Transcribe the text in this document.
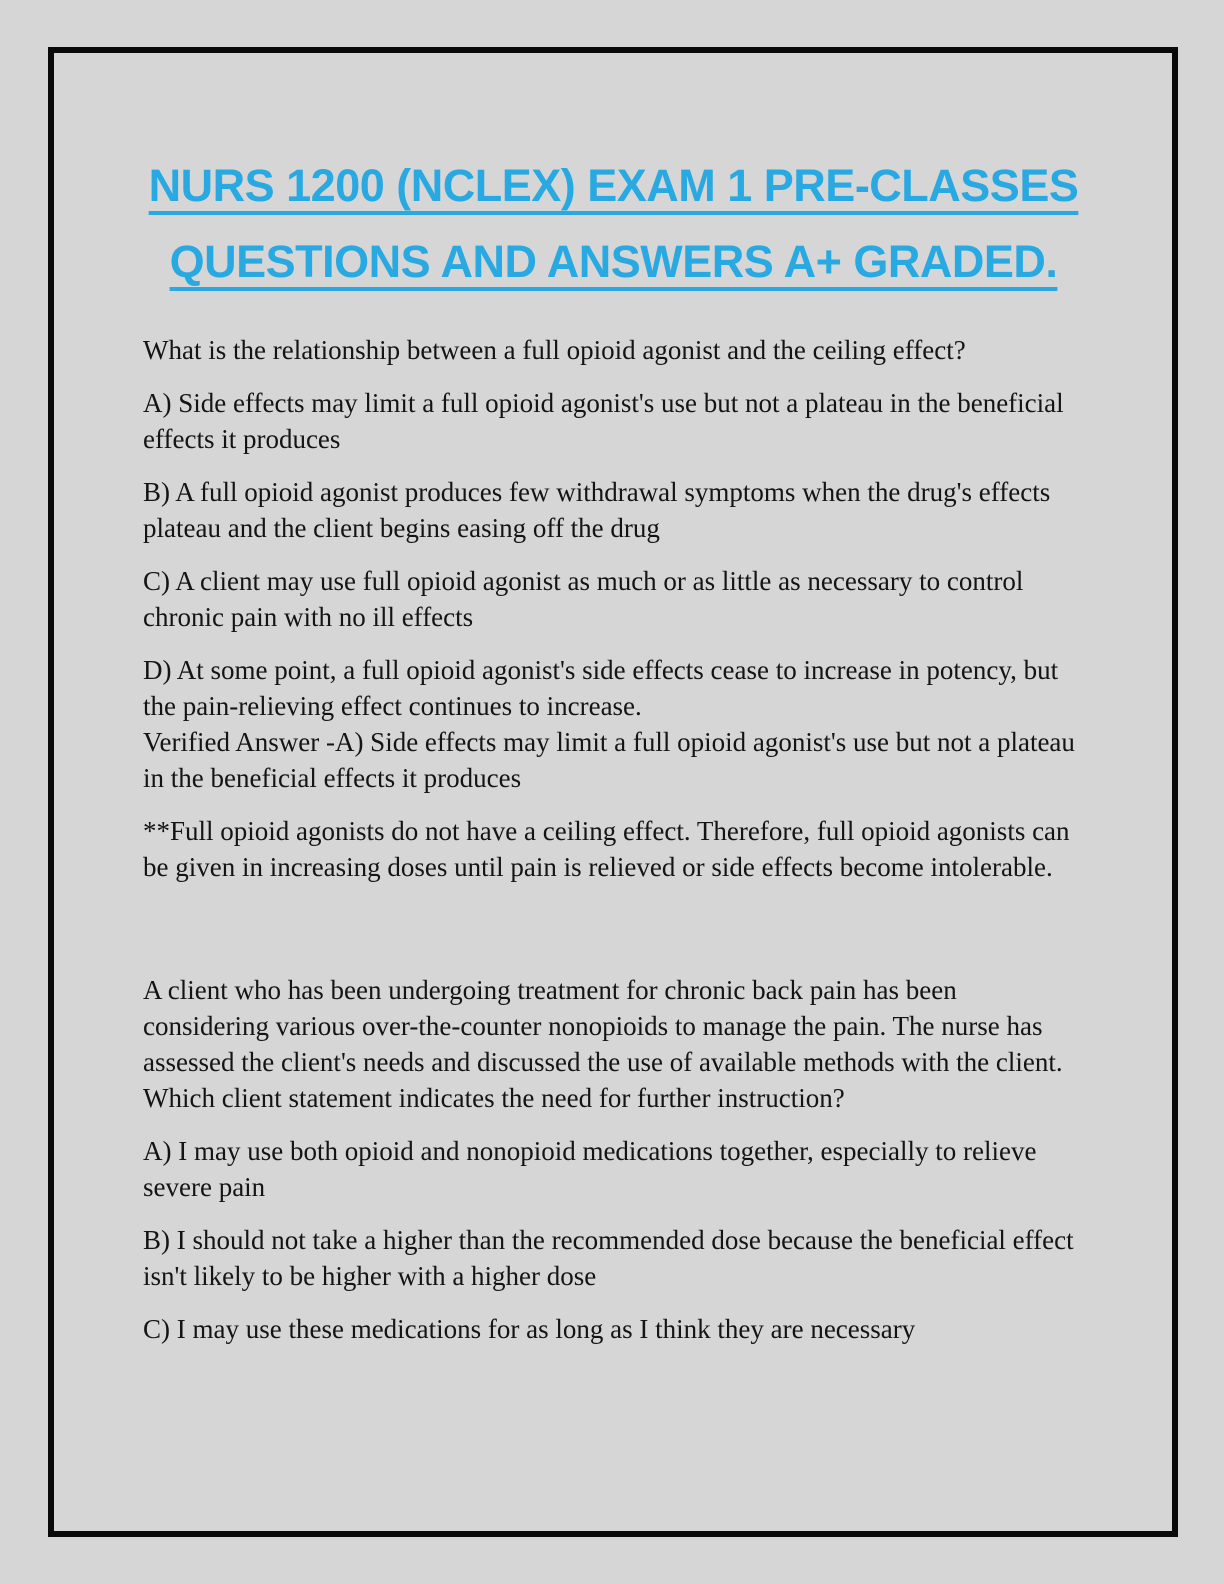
NURS 1200 (NCLEX) EXAM 1 PRE-CLASSES
QUESTIONS AND ANSWERS A+ GRADED.

What is the relationship between a full opioid agonist and the ceiling effect?

A) Side effects may limit a full opioid agonist's use but not a plateau in the beneficial effects it produces

B) A full opioid agonist produces few withdrawal symptoms when the drug's effects plateau and the client begins easing off the drug

C) A client may use full opioid agonist as much or as little as necessary to control chronic pain with no ill effects

D) At some point, a full opioid agonist's side effects cease to increase in potency, but the pain-relieving effect continues to increase.
Verified Answer -A) Side effects may limit a full opioid agonist's use but not a plateau in the beneficial effects it produces

**Full opioid agonists do not have a ceiling effect. Therefore, full opioid agonists can be given in increasing doses until pain is relieved or side effects become intolerable.

A client who has been undergoing treatment for chronic back pain has been considering various over-the-counter nonopioids to manage the pain. The nurse has assessed the client's needs and discussed the use of available methods with the client. Which client statement indicates the need for further instruction?

A) I may use both opioid and nonopioid medications together, especially to relieve severe pain

B) I should not take a higher than the recommended dose because the beneficial effect isn't likely to be higher with a higher dose

C) I may use these medications for as long as I think they are necessary
